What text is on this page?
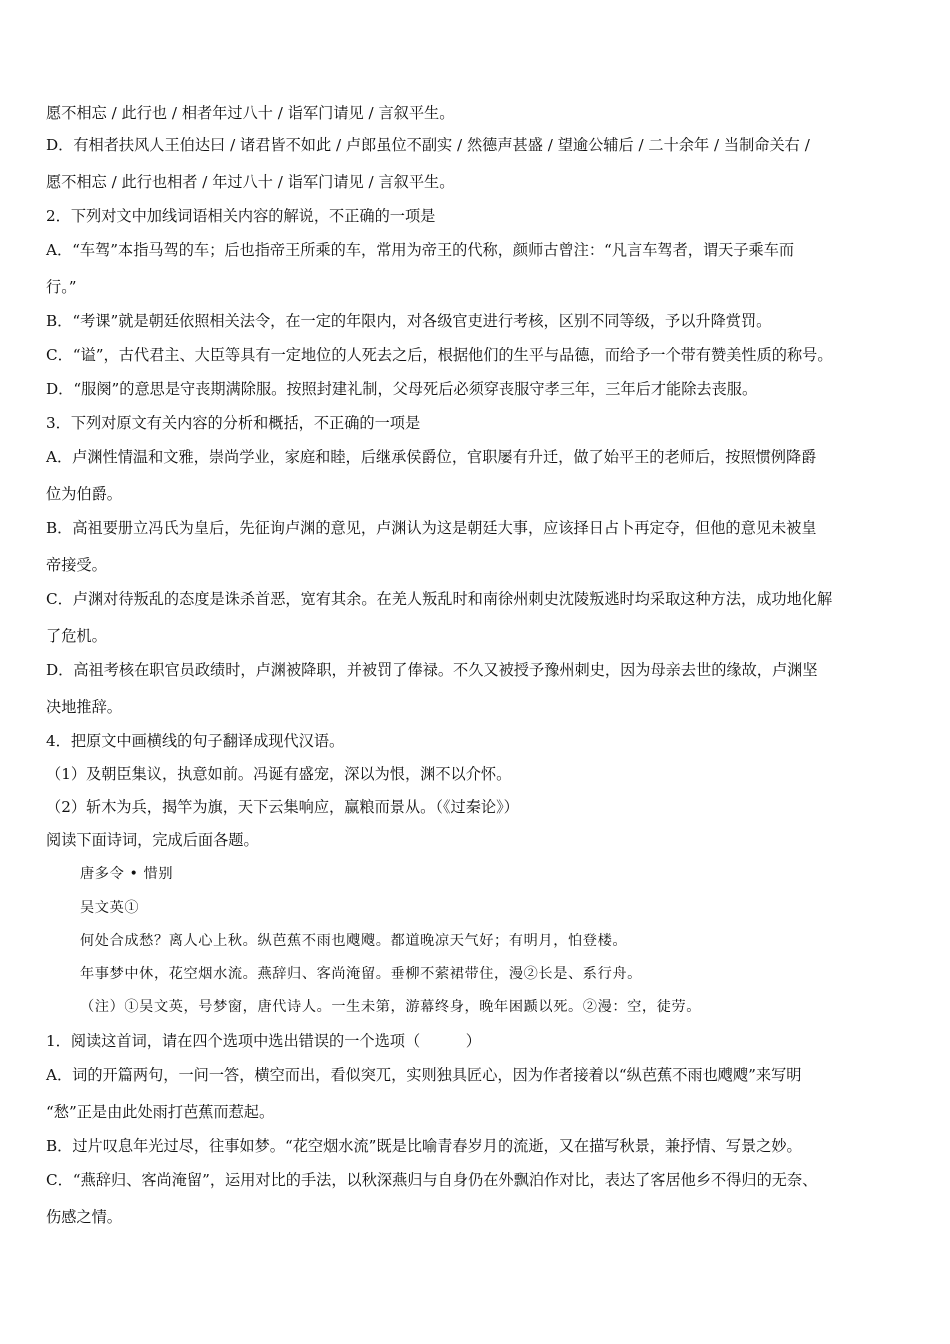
愿不相忘 / 此行也 / 相者年过八十 / 诣军门请见 / 言叙平生。
D．有相者扶风人王伯达曰 / 诸君皆不如此 / 卢郎虽位不副实 / 然德声甚盛 / 望逾公辅后 / 二十余年 / 当制命关右 /
愿不相忘 / 此行也相者 / 年过八十 / 诣军门请见 / 言叙平生。
2．下列对文中加线词语相关内容的解说，不正确的一项是
A．“车驾”本指马驾的车；后也指帝王所乘的车，常用为帝王的代称，颜师古曾注：“凡言车驾者，谓天子乘车而
行。”
B．“考课”就是朝廷依照相关法令，在一定的年限内，对各级官吏进行考核，区别不同等级，予以升降赏罚。
C．“谥”，古代君主、大臣等具有一定地位的人死去之后，根据他们的生平与品德，而给予一个带有赞美性质的称号。
D．“服阕”的意思是守丧期满除服。按照封建礼制，父母死后必须穿丧服守孝三年，三年后才能除去丧服。
3．下列对原文有关内容的分析和概括，不正确的一项是
A．卢渊性情温和文雅，崇尚学业，家庭和睦，后继承侯爵位，官职屡有升迁，做了始平王的老师后，按照惯例降爵
位为伯爵。
B．高祖要册立冯氏为皇后，先征询卢渊的意见，卢渊认为这是朝廷大事，应该择日占卜再定夺，但他的意见未被皇
帝接受。
C．卢渊对待叛乱的态度是诛杀首恶，宽宥其余。在羌人叛乱时和南徐州刺史沈陵叛逃时均采取这种方法，成功地化解
了危机。
D．高祖考核在职官员政绩时，卢渊被降职，并被罚了俸禄。不久又被授予豫州刺史，因为母亲去世的缘故，卢渊坚
决地推辞。
4．把原文中画横线的句子翻译成现代汉语。
（1）及朝臣集议，执意如前。冯诞有盛宠，深以为恨，渊不以介怀。
（2）斩木为兵，揭竿为旗，天下云集响应，赢粮而景从。（《过秦论》）
阅读下面诗词，完成后面各题。
唐多令 • 惜别
吴文英①
何处合成愁？离人心上秋。纵芭蕉不雨也飕飕。都道晚凉天气好；有明月，怕登楼。
年事梦中休，花空烟水流。燕辞归、客尚淹留。垂柳不萦裙带住，漫②长是、系行舟。
（注）①吴文英，号梦窗，唐代诗人。一生未第，游幕终身，晚年困踬以死。②漫：空，徒劳。
1．阅读这首词，请在四个选项中选出错误的一个选项（　　　）
A．词的开篇两句，一问一答，横空而出，看似突兀，实则独具匠心，因为作者接着以“纵芭蕉不雨也飕飕”来写明
“愁”正是由此处雨打芭蕉而惹起。
B．过片叹息年光过尽，往事如梦。“花空烟水流”既是比喻青春岁月的流逝，又在描写秋景，兼抒情、写景之妙。
C．“燕辞归、客尚淹留”，运用对比的手法，以秋深燕归与自身仍在外飘泊作对比，表达了客居他乡不得归的无奈、
伤感之情。
